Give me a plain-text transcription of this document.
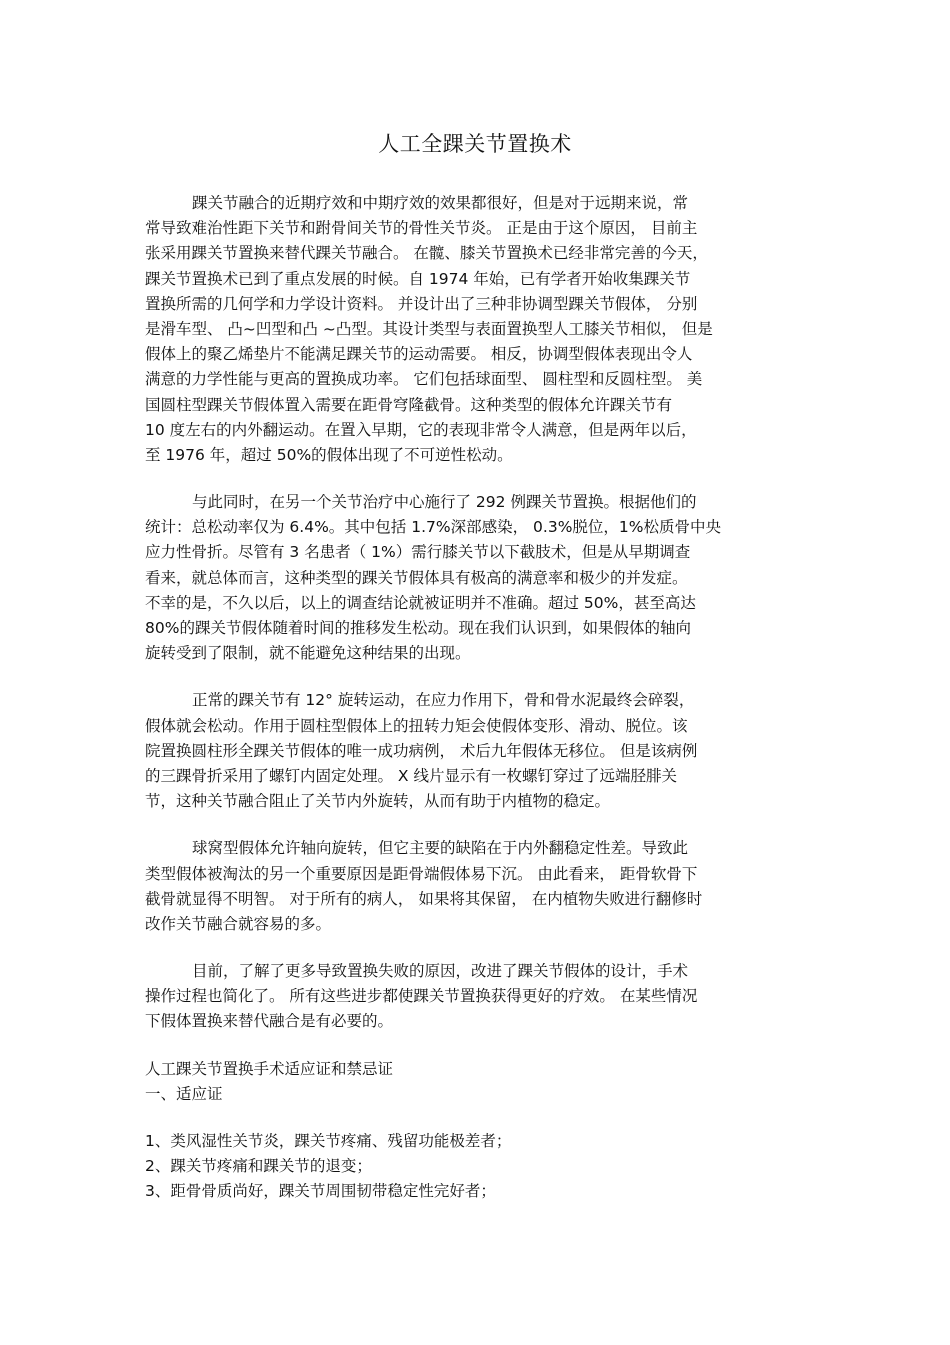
人工全踝关节置换术
踝关节融合的近期疗效和中期疗效的效果都很好，但是对于远期来说，常
常导致难治性距下关节和跗骨间关节的骨性关节炎。 正是由于这个原因， 目前主
张采用踝关节置换来替代踝关节融合。 在髋、膝关节置换术已经非常完善的今天，
踝关节置换术已到了重点发展的时候。自 1974 年始，已有学者开始收集踝关节
置换所需的几何学和力学设计资料。 并设计出了三种非协调型踝关节假体， 分别
是滑车型、 凸~凹型和凸 ~凸型。其设计类型与表面置换型人工膝关节相似， 但是
假体上的聚乙烯垫片不能满足踝关节的运动需要。 相反，协调型假体表现出令人
满意的力学性能与更高的置换成功率。 它们包括球面型、 圆柱型和反圆柱型。 美
国圆柱型踝关节假体置入需要在距骨穹隆截骨。这种类型的假体允许踝关节有
10 度左右的内外翻运动。在置入早期，它的表现非常令人满意，但是两年以后，
至 1976 年，超过 50%的假体出现了不可逆性松动。
与此同时，在另一个关节治疗中心施行了 292 例踝关节置换。根据他们的
统计：总松动率仅为 6.4%。其中包括 1.7%深部感染， 0.3%脱位，1%松质骨中央
应力性骨折。尽管有 3 名患者（ 1%）需行膝关节以下截肢术，但是从早期调查
看来，就总体而言，这种类型的踝关节假体具有极高的满意率和极少的并发症。
不幸的是，不久以后，以上的调查结论就被证明并不准确。超过 50%，甚至高达
80%的踝关节假体随着时间的推移发生松动。现在我们认识到，如果假体的轴向
旋转受到了限制，就不能避免这种结果的出现。
正常的踝关节有 12° 旋转运动，在应力作用下，骨和骨水泥最终会碎裂，
假体就会松动。作用于圆柱型假体上的扭转力矩会使假体变形、滑动、脱位。该
院置换圆柱形全踝关节假体的唯一成功病例， 术后九年假体无移位。 但是该病例
的三踝骨折采用了螺钉内固定处理。 X 线片显示有一枚螺钉穿过了远端胫腓关
节，这种关节融合阻止了关节内外旋转，从而有助于内植物的稳定。
球窝型假体允许轴向旋转，但它主要的缺陷在于内外翻稳定性差。导致此
类型假体被淘汰的另一个重要原因是距骨端假体易下沉。 由此看来， 距骨软骨下
截骨就显得不明智。 对于所有的病人， 如果将其保留， 在内植物失败进行翻修时
改作关节融合就容易的多。
目前，了解了更多导致置换失败的原因，改进了踝关节假体的设计，手术
操作过程也简化了。 所有这些进步都使踝关节置换获得更好的疗效。 在某些情况
下假体置换来替代融合是有必要的。
人工踝关节置换手术适应证和禁忌证
一、适应证
1、类风湿性关节炎，踝关节疼痛、残留功能极差者；
2、踝关节疼痛和踝关节的退变；
3、距骨骨质尚好，踝关节周围韧带稳定性完好者；
